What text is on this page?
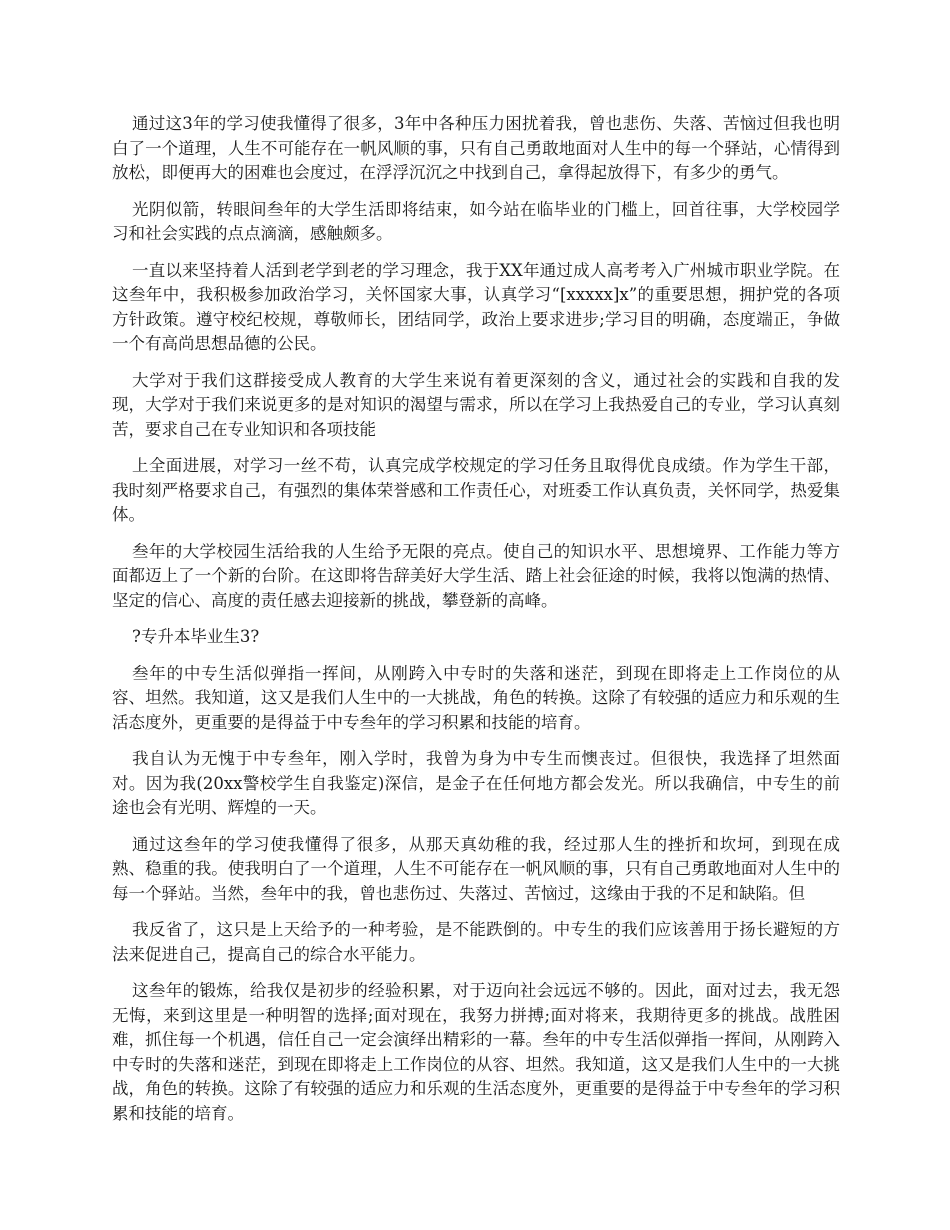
通过这3年的学习使我懂得了很多，3年中各种压力困扰着我，曾也悲伤、失落、苦恼过但我也明白了一个道理，人生不可能存在一帆风顺的事，只有自己勇敢地面对人生中的每一个驿站，心情得到放松，即便再大的困难也会度过，在浮浮沉沉之中找到自己，拿得起放得下，有多少的勇气。

光阴似箭，转眼间叁年的大学生活即将结束，如今站在临毕业的门槛上，回首往事，大学校园学习和社会实践的点点滴滴，感触颇多。

一直以来坚持着人活到老学到老的学习理念，我于XX年通过成人高考考入广州城市职业学院。在这叁年中，我积极参加政治学习，关怀国家大事，认真学习“[xxxxx]x”的重要思想，拥护党的各项方针政策。遵守校纪校规，尊敬师长，团结同学，政治上要求进步;学习目的明确，态度端正，争做一个有高尚思想品德的公民。

大学对于我们这群接受成人教育的大学生来说有着更深刻的含义，通过社会的实践和自我的发现，大学对于我们来说更多的是对知识的渴望与需求，所以在学习上我热爱自己的专业，学习认真刻苦，要求自己在专业知识和各项技能

上全面进展，对学习一丝不苟，认真完成学校规定的学习任务且取得优良成绩。作为学生干部，我时刻严格要求自己，有强烈的集体荣誉感和工作责任心，对班委工作认真负责，关怀同学，热爱集体。

叁年的大学校园生活给我的人生给予无限的亮点。使自己的知识水平、思想境界、工作能力等方面都迈上了一个新的台阶。在这即将告辞美好大学生活、踏上社会征途的时候，我将以饱满的热情、坚定的信心、高度的责任感去迎接新的挑战，攀登新的高峰。

?专升本毕业生3?

叁年的中专生活似弹指一挥间，从刚跨入中专时的失落和迷茫，到现在即将走上工作岗位的从容、坦然。我知道，这又是我们人生中的一大挑战，角色的转换。这除了有较强的适应力和乐观的生活态度外，更重要的是得益于中专叁年的学习积累和技能的培育。

我自认为无愧于中专叁年，刚入学时，我曾为身为中专生而懊丧过。但很快，我选择了坦然面对。因为我(20xx警校学生自我鉴定)深信，是金子在任何地方都会发光。所以我确信，中专生的前途也会有光明、辉煌的一天。

通过这叁年的学习使我懂得了很多，从那天真幼稚的我，经过那人生的挫折和坎坷，到现在成熟、稳重的我。使我明白了一个道理，人生不可能存在一帆风顺的事，只有自己勇敢地面对人生中的每一个驿站。当然，叁年中的我，曾也悲伤过、失落过、苦恼过，这缘由于我的不足和缺陷。但

我反省了，这只是上天给予的一种考验，是不能跌倒的。中专生的我们应该善用于扬长避短的方法来促进自己，提高自己的综合水平能力。

这叁年的锻炼，给我仅是初步的经验积累，对于迈向社会远远不够的。因此，面对过去，我无怨无悔，来到这里是一种明智的选择;面对现在，我努力拼搏;面对将来，我期待更多的挑战。战胜困难，抓住每一个机遇，信任自己一定会演绎出精彩的一幕。叁年的中专生活似弹指一挥间，从刚跨入中专时的失落和迷茫，到现在即将走上工作岗位的从容、坦然。我知道，这又是我们人生中的一大挑战，角色的转换。这除了有较强的适应力和乐观的生活态度外，更重要的是得益于中专叁年的学习积累和技能的培育。
